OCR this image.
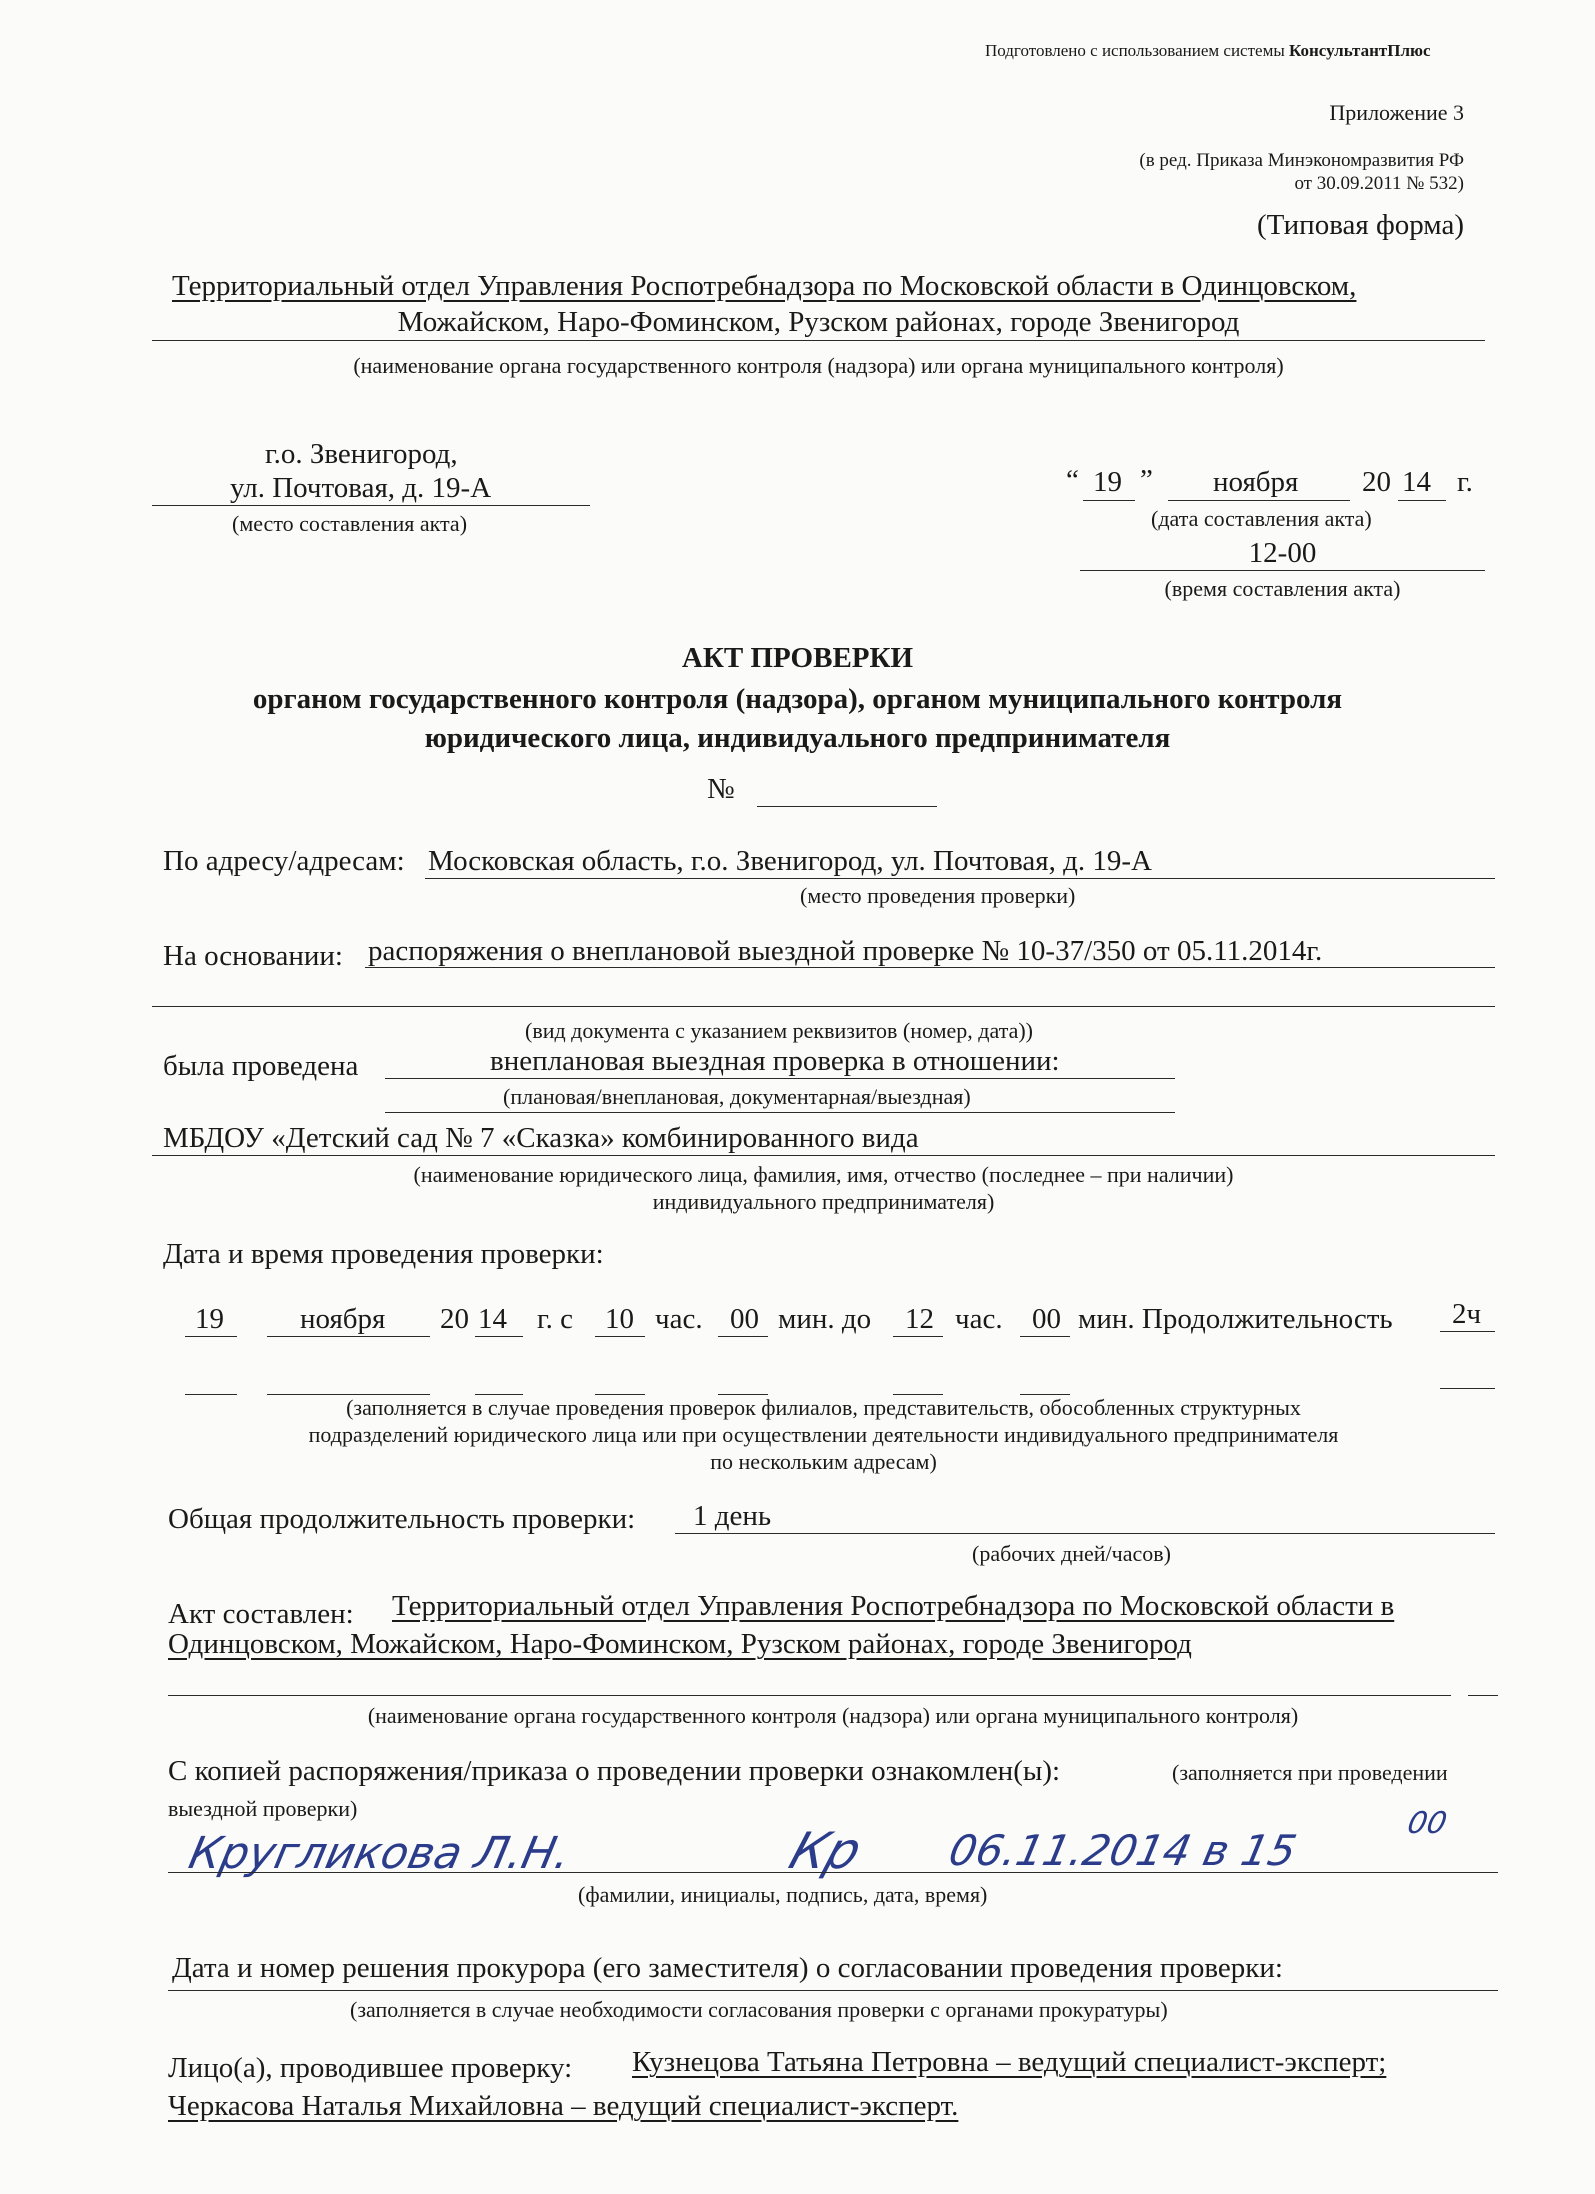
Подготовлено с использованием системы КонсультантПлюс
Приложение 3
(в ред. Приказа Минэкономразвития РФ
от 30.09.2011 № 532)
(Типовая форма)
Территориальный отдел Управления Роспотребнадзора по Московской области в Одинцовском,
Можайском, Наро-Фоминском, Рузском районах, городе Звенигород
(наименование органа государственного контроля (надзора) или органа муниципального контроля)
г.о. Звенигород,
ул. Почтовая, д. 19-А
(место составления акта)
“ 19 ” ноября 20 14 г.
(дата составления акта)
12-00
(время составления акта)
АКТ ПРОВЕРКИ
органом государственного контроля (надзора), органом муниципального контроля
юридического лица, индивидуального предпринимателя
№
По адресу/адресам: Московская область, г.о. Звенигород, ул. Почтовая, д. 19-А
(место проведения проверки)
На основании: распоряжения о внеплановой выездной проверке № 10-37/350 от 05.11.2014г.
(вид документа с указанием реквизитов (номер, дата))
была проведена	внеплановая выездная проверка в отношении:
(плановая/внеплановая, документарная/выездная)
МБДОУ «Детский сад № 7 «Сказка» комбинированного вида
(наименование юридического лица, фамилия, имя, отчество (последнее – при наличии)
индивидуального предпринимателя)
Дата и время проведения проверки:
19	ноября 20 14 г. с 10 час. 00 мин. до 12 час. 00 мин. Продолжительность 2ч
(заполняется в случае проведения проверок филиалов, представительств, обособленных структурных
подразделений юридического лица или при осуществлении деятельности индивидуального предпринимателя
по нескольким адресам)
Общая продолжительность проверки: 1 день
(рабочих дней/часов)
Акт составлен: Территориальный отдел Управления Роспотребнадзора по Московской области в
Одинцовском, Можайском, Наро-Фоминском, Рузском районах, городе Звенигород
(наименование органа государственного контроля (надзора) или органа муниципального контроля)
С копией распоряжения/приказа о проведении проверки ознакомлен(ы):	(заполняется при проведении
выездной проверки)
Кругликова Л.Н.	Кр 06.11.2014 в 15
00
(фамилии, инициалы, подпись, дата, время)
Дата и номер решения прокурора (его заместителя) о согласовании проведения проверки:
(заполняется в случае необходимости согласования проверки с органами прокуратуры)
Лицо(а), проводившее проверку: Кузнецова Татьяна Петровна – ведущий специалист-эксперт;
Черкасова Наталья Михайловна – ведущий специалист-эксперт.
